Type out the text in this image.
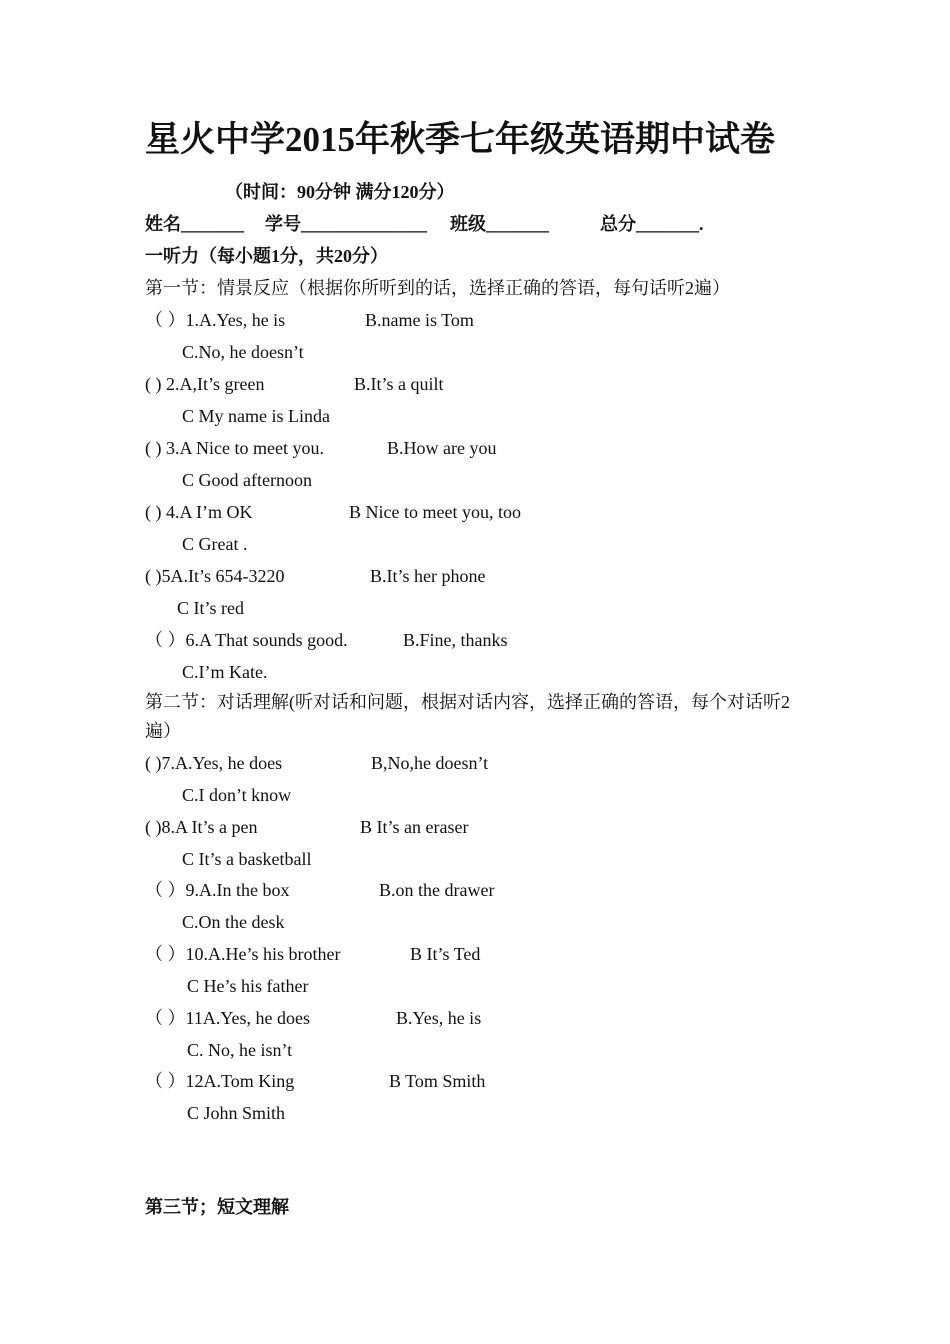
星火中学2015年秋季七年级英语期中试卷
（时间：90分钟 满分120分）
姓名_______ 学号______________ 班级_______	总分_______.
一听力（每小题1分，共20分）
第一节：情景反应（根据你所听到的话，选择正确的答语，每句话听2遍）
（ ）1.A.Yes, he is	B.name is Tom
C.No, he doesn’t
( ) 2.A,It’s green	B.It’s a quilt
C My name is Linda
( ) 3.A Nice to meet you.	B.How are you
C Good afternoon
( ) 4.A I’m OK	B Nice to meet you, too
C Great .
( )5A.It’s 654-3220	B.It’s her phone
C It’s red
（ ）6.A That sounds good.	B.Fine, thanks
C.I’m Kate.
第二节：对话理解(听对话和问题，根据对话内容，选择正确的答语，每个对话听2遍）
( )7.A.Yes, he does	B,No,he doesn’t
C.I don’t know
( )8.A It’s a pen	B It’s an eraser
C It’s a basketball
（ ）9.A.In the box	B.on the drawer
C.On the desk
（ ）10.A.He’s his brother	B It’s Ted
C He’s his father
（ ）11A.Yes, he does	B.Yes, he is
C. No, he isn’t
（ ）12A.Tom King	B Tom Smith
C John Smith
第三节；短文理解
